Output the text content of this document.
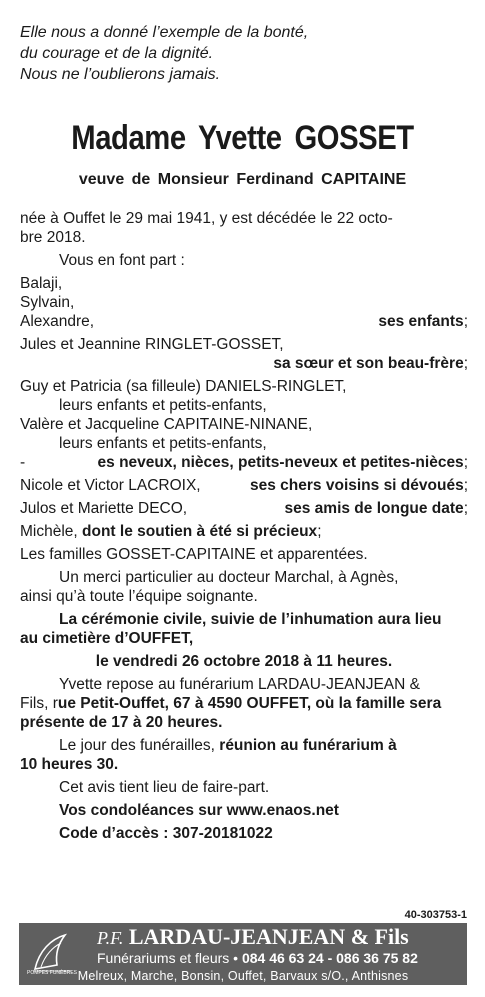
Elle nous a donné l’exemple de la bonté,
du courage et de la dignité.
Nous ne l’oublierons jamais.
Madame Yvette GOSSET
veuve de Monsieur Ferdinand CAPITAINE
née à Ouffet le 29 mai 1941, y est décédée le 22 octo-
bre 2018.
Vous en font part :
Balaji,
Sylvain,
Alexandre,	ses enfants;
Jules et Jeannine RINGLET-GOSSET,
sa sœur et son beau-frère;
Guy et Patricia (sa filleule) DANIELS-RINGLET,
leurs enfants et petits-enfants,
Valère et Jacqueline CAPITAINE-NINANE,
leurs enfants et petits-enfants,
-	es neveux, nièces, petits-neveux et petites-nièces;
Nicole et Victor LACROIX,	ses chers voisins si dévoués;
Julos et Mariette DECO,	ses amis de longue date;
Michèle, dont le soutien à été si précieux;
Les familles GOSSET-CAPITAINE et apparentées.
Un merci particulier au docteur Marchal, à Agnès,
ainsi qu’à toute l’équipe soignante.
La cérémonie civile, suivie de l’inhumation aura lieu
au cimetière d’OUFFET,
le vendredi 26 octobre 2018 à 11 heures.
Yvette repose au funérarium LARDAU-JEANJEAN &
Fils, rue Petit-Ouffet, 67 à 4590 OUFFET, où la famille sera
présente de 17 à 20 heures.
Le jour des funérailles, réunion au funérarium à
10 heures 30.
Cet avis tient lieu de faire-part.
Vos condoléances sur www.enaos.net
Code d’accès : 307-20181022
40-303753-1
POMPES FUNÈBRES
P.F. LARDAU-JEANJEAN & Fils
Funérariums et fleurs • 084 46 63 24 - 086 36 75 82
Melreux, Marche, Bonsin, Ouffet, Barvaux s/O., Anthisnes
